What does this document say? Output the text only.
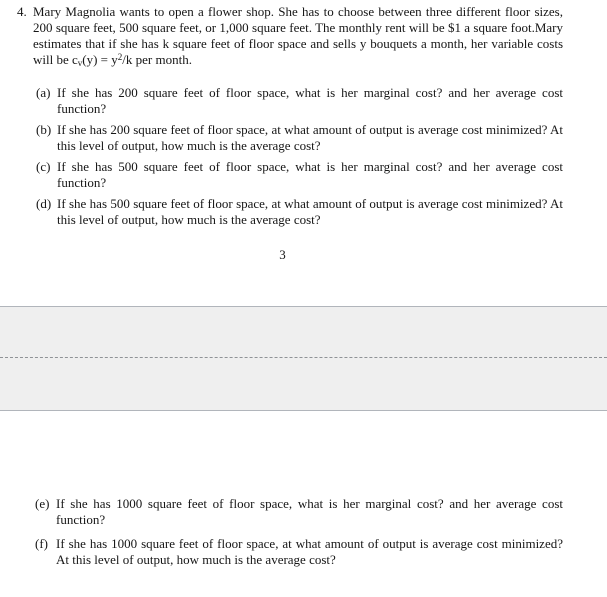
4. Mary Magnolia wants to open a flower shop. She has to choose between three different floor sizes, 200 square feet, 500 square feet, or 1,000 square feet. The monthly rent will be $1 a square foot.Mary estimates that if she has k square feet of floor space and sells y bouquets a month, her variable costs will be $c_v(y) = y^2/k$ per month.
(a) If she has 200 square feet of floor space, what is her marginal cost? and her average cost function?
(b) If she has 200 square feet of floor space, at what amount of output is average cost minimized? At this level of output, how much is the average cost?
(c) If she has 500 square feet of floor space, what is her marginal cost? and her average cost function?
(d) If she has 500 square feet of floor space, at what amount of output is average cost minimized? At this level of output, how much is the average cost?
3
(e) If she has 1000 square feet of floor space, what is her marginal cost? and her average cost function?
(f) If she has 1000 square feet of floor space, at what amount of output is average cost minimized? At this level of output, how much is the average cost?
